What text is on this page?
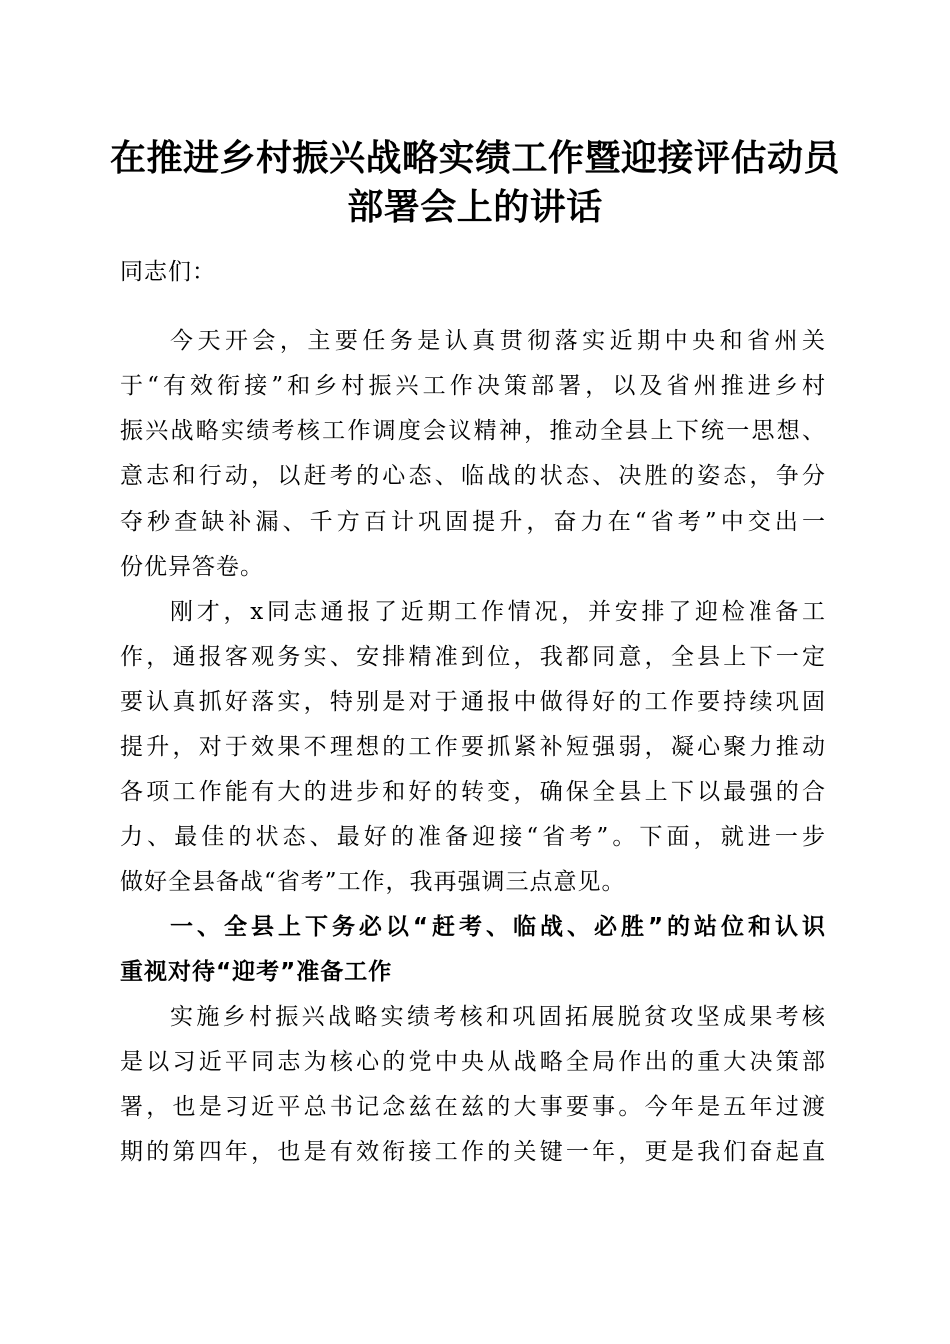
在推进乡村振兴战略实绩工作暨迎接评估动员
部署会上的讲话
同志们：
今天开会，主要任务是认真贯彻落实近期中央和省州关
于“有效衔接”和乡村振兴工作决策部署，以及省州推进乡村
振兴战略实绩考核工作调度会议精神，推动全县上下统一思想、
意志和行动，以赶考的心态、临战的状态、决胜的姿态，争分
夺秒查缺补漏、千方百计巩固提升，奋力在“省考”中交出一
份优异答卷。
刚才，x同志通报了近期工作情况，并安排了迎检准备工
作，通报客观务实、安排精准到位，我都同意，全县上下一定
要认真抓好落实，特别是对于通报中做得好的工作要持续巩固
提升，对于效果不理想的工作要抓紧补短强弱，凝心聚力推动
各项工作能有大的进步和好的转变，确保全县上下以最强的合
力、最佳的状态、最好的准备迎接“省考”。下面，就进一步
做好全县备战“省考”工作，我再强调三点意见。
一、全县上下务必以“赶考、临战、必胜”的站位和认识
重视对待“迎考”准备工作
实施乡村振兴战略实绩考核和巩固拓展脱贫攻坚成果考核
是以习近平同志为核心的党中央从战略全局作出的重大决策部
署，也是习近平总书记念兹在兹的大事要事。今年是五年过渡
期的第四年，也是有效衔接工作的关键一年，更是我们奋起直
